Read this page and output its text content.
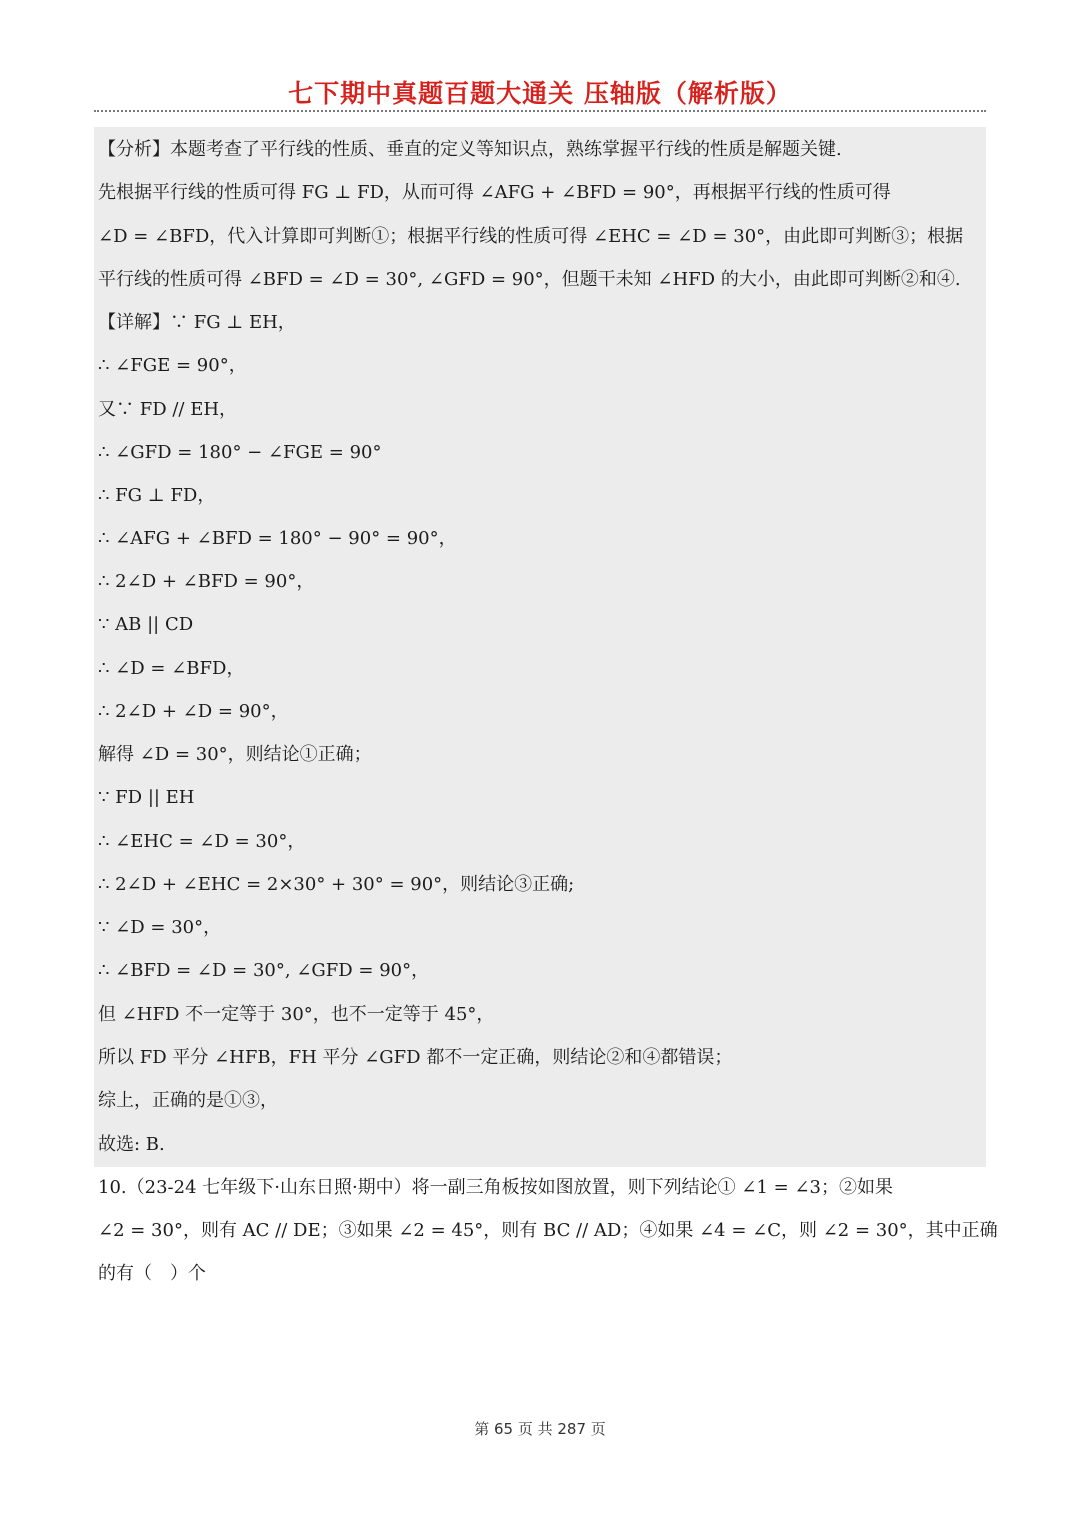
七下期中真题百题大通关 压轴版（解析版）
【分析】本题考查了平行线的性质、垂直的定义等知识点，熟练掌握平行线的性质是解题关键.
先根据平行线的性质可得 FG ⊥ FD，从而可得 ∠AFG + ∠BFD = 90°，再根据平行线的性质可得
∠D = ∠BFD，代入计算即可判断①；根据平行线的性质可得 ∠EHC = ∠D = 30°，由此即可判断③；根据
平行线的性质可得 ∠BFD = ∠D = 30°, ∠GFD = 90°，但题干未知 ∠HFD 的大小，由此即可判断②和④.
【详解】∵ FG ⊥ EH，
∴ ∠FGE = 90°，
又∵ FD // EH，
∴ ∠GFD = 180° − ∠FGE = 90°
∴ FG ⊥ FD，
∴ ∠AFG + ∠BFD = 180° − 90° = 90°，
∴ 2∠D + ∠BFD = 90°，
∵ AB || CD
∴ ∠D = ∠BFD，
∴ 2∠D + ∠D = 90°，
解得 ∠D = 30°，则结论①正确；
∵ FD || EH
∴ ∠EHC = ∠D = 30°，
∴ 2∠D + ∠EHC = 2×30° + 30° = 90°，则结论③正确;
∵ ∠D = 30°，
∴ ∠BFD = ∠D = 30°, ∠GFD = 90°，
但 ∠HFD 不一定等于 30°，也不一定等于 45°，
所以 FD 平分 ∠HFB，FH 平分 ∠GFD 都不一定正确，则结论②和④都错误；
综上，正确的是①③，
故选: B.
10.（23-24 七年级下·山东日照·期中）将一副三角板按如图放置，则下列结论① ∠1 = ∠3；②如果
∠2 = 30°，则有 AC // DE；③如果 ∠2 = 45°，则有 BC // AD；④如果 ∠4 = ∠C，则 ∠2 = 30°，其中正确
的有（　）个
第 65 页 共 287 页
